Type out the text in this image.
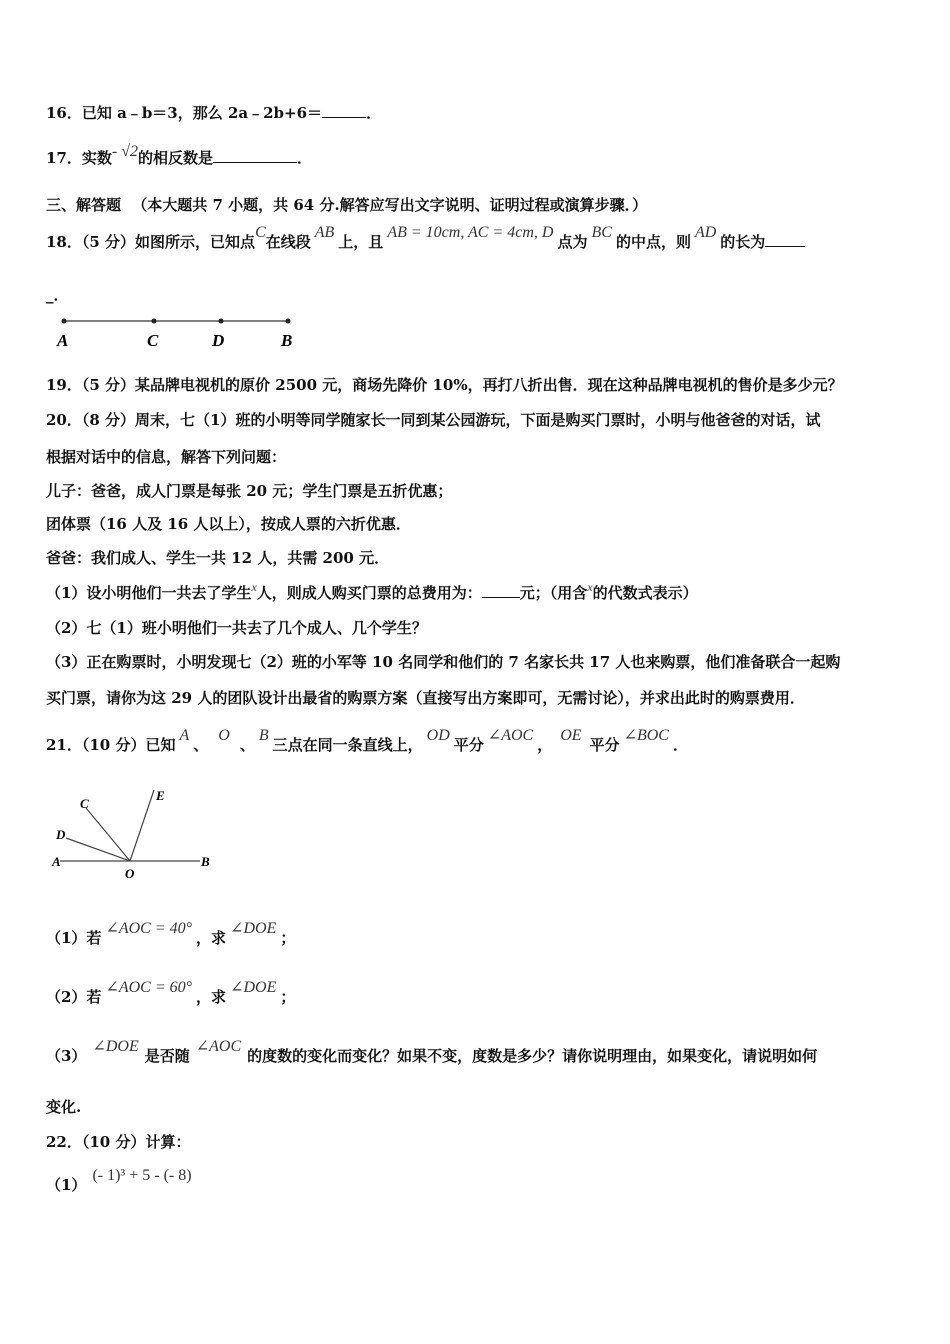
16．已知 a﹣b＝3，那么 2a﹣2b+6＝	．
17．实数- √2的相反数是	．
三、解答题 （本大题共 7 小题，共 64 分.解答应写出文字说明、证明过程或演算步骤．）
18．（5 分）如图所示，已知点C在线段AB上，且AB = 10cm, AC = 4cm, D点为BC的中点，则AD的长为
_．
A	C	D	B
19．（5 分）某品牌电视机的原价 2500 元，商场先降价 10%，再打八折出售．现在这种品牌电视机的售价是多少元？
20．（8 分）周末，七（1）班的小明等同学随家长一同到某公园游玩，下面是购买门票时，小明与他爸爸的对话，试
根据对话中的信息，解答下列问题：
儿子：爸爸，成人门票是每张 20 元；学生门票是五折优惠；
团体票（16 人及 16 人以上），按成人票的六折优惠．
爸爸：我们成人、学生一共 12 人，共需 200 元．
（1）设小明他们一共去了学生$^x$人，则成人购买门票的总费用为：	元；（用含$^x$的代数式表示）
（2）七（1）班小明他们一共去了几个成人、几个学生？
（3）正在购票时，小明发现七（2）班的小军等 10 名同学和他们的 7 名家长共 17 人也来购票，他们准备联合一起购
买门票，请你为这 29 人的团队设计出最省的购票方案（直接写出方案即可，无需讨论），并求出此时的购票费用．
21．（10 分）已知A、O、B三点在同一条直线上，OD平分∠AOC，OE平分∠BOC．
C
E
D
A
O
B
（1）若∠AOC = 40°，求∠DOE；
（2）若∠AOC = 60°，求∠DOE；
（3）∠DOE是否随∠AOC的度数的变化而变化？如果不变，度数是多少？请你说明理由，如果变化，请说明如何
变化.
22．（10 分）计算：
（1）(- 1)³ + 5 - (- 8)
